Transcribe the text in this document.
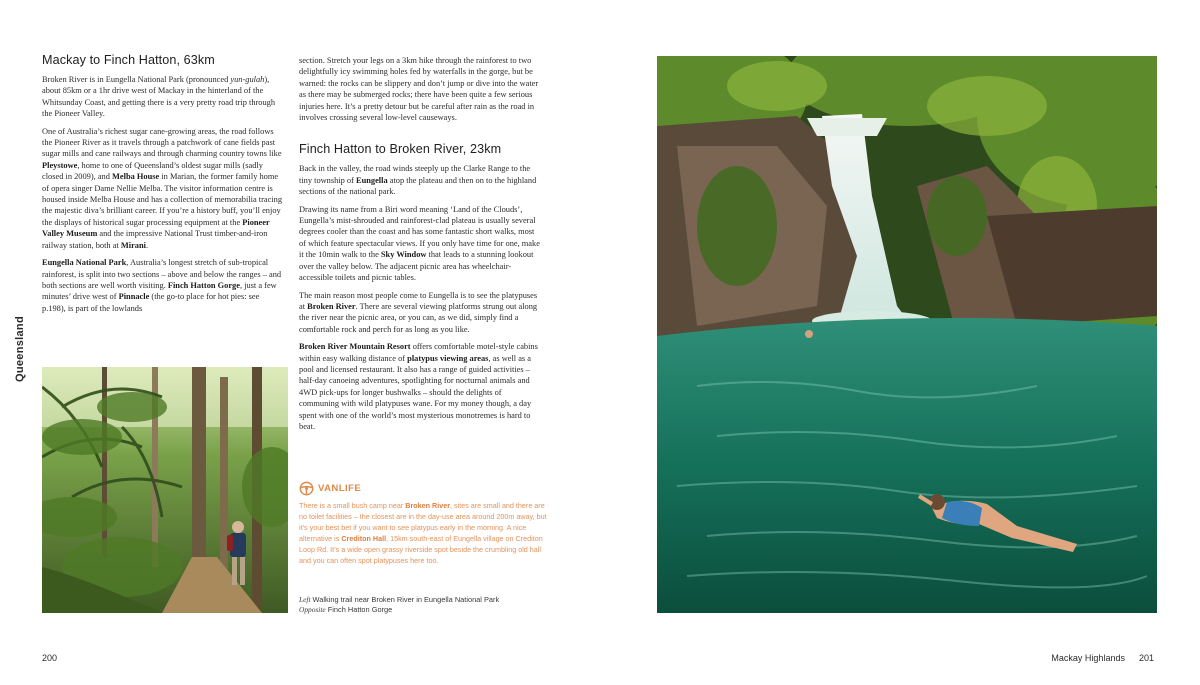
Queensland
Mackay to Finch Hatton, 63km

Broken River is in Eungella National Park (pronounced yun-gulah), about 85km or a 1hr drive west of Mackay in the hinterland of the Whitsunday Coast, and getting there is a very pretty road trip through the Pioneer Valley.

One of Australia’s richest sugar cane-growing areas, the road follows the Pioneer River as it travels through a patchwork of cane fields past sugar mills and cane railways and through charming country towns like Pleystowe, home to one of Queensland’s oldest sugar mills (sadly closed in 2009), and Melba House in Marian, the former family home of opera singer Dame Nellie Melba. The visitor information centre is housed inside Melba House and has a collection of memorabilia tracing the majestic diva’s brilliant career. If you’re a history buff, you’ll enjoy the displays of historical sugar processing equipment at the Pioneer Valley Museum and the impressive National Trust timber-and-iron railway station, both at Mirani.

Eungella National Park, Australia’s longest stretch of sub-tropical rainforest, is split into two sections – above and below the ranges – and both sections are well worth visiting. Finch Hatton Gorge, just a few minutes’ drive west of Pinnacle (the go-to place for hot pies: see p.198), is part of the lowlands

section. Stretch your legs on a 3km hike through the rainforest to two delightfully icy swimming holes fed by waterfalls in the gorge, but be warned: the rocks can be slippery and don’t jump or dive into the water as there may be submerged rocks; there have been quite a few serious injuries here. It’s a pretty detour but be careful after rain as the road in involves crossing several low-level causeways.

Finch Hatton to Broken River, 23km

Back in the valley, the road winds steeply up the Clarke Range to the tiny township of Eungella atop the plateau and then on to the highland sections of the national park.

Drawing its name from a Biri word meaning ‘Land of the Clouds’, Eungella’s mist-shrouded and rainforest-clad plateau is usually several degrees cooler than the coast and has some fantastic short walks, most of which feature spectacular views. If you only have time for one, make it the 10min walk to the Sky Window that leads to a stunning lookout over the valley below. The adjacent picnic area has wheelchair-accessible toilets and picnic tables.

The main reason most people come to Eungella is to see the platypuses at Broken River. There are several viewing platforms strung out along the river near the picnic area, or you can, as we did, simply find a comfortable rock and perch for as long as you like.

Broken River Mountain Resort offers comfortable motel-style cabins within easy walking distance of platypus viewing areas, as well as a pool and licensed restaurant. It also has a range of guided activities – half-day canoeing adventures, spotlighting for nocturnal animals and 4WD pick-ups for longer bushwalks – should the delights of communing with wild platypuses wane. For my money though, a day spent with one of the world’s most mysterious monotremes is hard to beat.

VANLIFE
There is a small bush camp near Broken River, sites are small and there are no toilet facilities – the closest are in the day-use area around 200m away, but it’s your best bet if you want to see platypus early in the morning. A nice alternative is Crediton Hall, 15km south-east of Eungella village on Crediton Loop Rd. It’s a wide open grassy riverside spot beside the crumbling old hall and you can often spot platypuses here too.
Left Walking trail near Broken River in Eungella National Park
Opposite Finch Hatton Gorge
200	Mackay Highlands 201
